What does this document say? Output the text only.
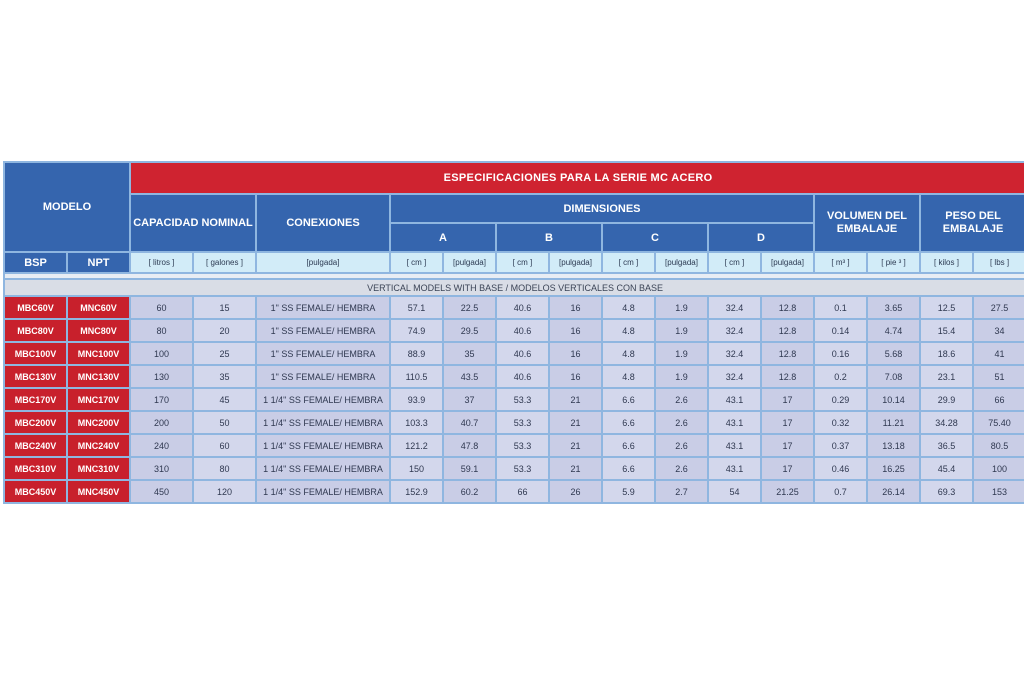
MODELO		ESPECIFICACIONES PARA LA SERIE MC ACERO														
		CAPACIDAD NOMINAL		CONEXIONES	DIMENSIONES								VOLUMEN DEL EMBALAJE		PESO DEL EMBALAJE	
					A		B		C		D					
BSP	NPT	[ litros ]	[ galones ]	[pulgada]	[ cm ]	[pulgada]	[ cm ]	[pulgada]	[ cm ]	[pulgada]	[ cm ]	[pulgada]	[ m³ ]	[ pie ³ ]	[ kilos ]	[ lbs ]

VERTICAL MODELS WITH BASE / MODELOS VERTICALES CON BASE																
MBC60V	MNC60V	60	15	1" SS FEMALE/ HEMBRA	57.1	22.5	40.6	16	4.8	1.9	32.4	12.8	0.1	3.65	12.5	27.5
MBC80V	MNC80V	80	20	1" SS FEMALE/ HEMBRA	74.9	29.5	40.6	16	4.8	1.9	32.4	12.8	0.14	4.74	15.4	34
MBC100V	MNC100V	100	25	1" SS FEMALE/ HEMBRA	88.9	35	40.6	16	4.8	1.9	32.4	12.8	0.16	5.68	18.6	41
MBC130V	MNC130V	130	35	1" SS FEMALE/ HEMBRA	110.5	43.5	40.6	16	4.8	1.9	32.4	12.8	0.2	7.08	23.1	51
MBC170V	MNC170V	170	45	1 1/4" SS FEMALE/ HEMBRA	93.9	37	53.3	21	6.6	2.6	43.1	17	0.29	10.14	29.9	66
MBC200V	MNC200V	200	50	1 1/4" SS FEMALE/ HEMBRA	103.3	40.7	53.3	21	6.6	2.6	43.1	17	0.32	11.21	34.28	75.40
MBC240V	MNC240V	240	60	1 1/4" SS FEMALE/ HEMBRA	121.2	47.8	53.3	21	6.6	2.6	43.1	17	0.37	13.18	36.5	80.5
MBC310V	MNC310V	310	80	1 1/4" SS FEMALE/ HEMBRA	150	59.1	53.3	21	6.6	2.6	43.1	17	0.46	16.25	45.4	100
MBC450V	MNC450V	450	120	1 1/4" SS FEMALE/ HEMBRA	152.9	60.2	66	26	5.9	2.7	54	21.25	0.7	26.14	69.3	153
